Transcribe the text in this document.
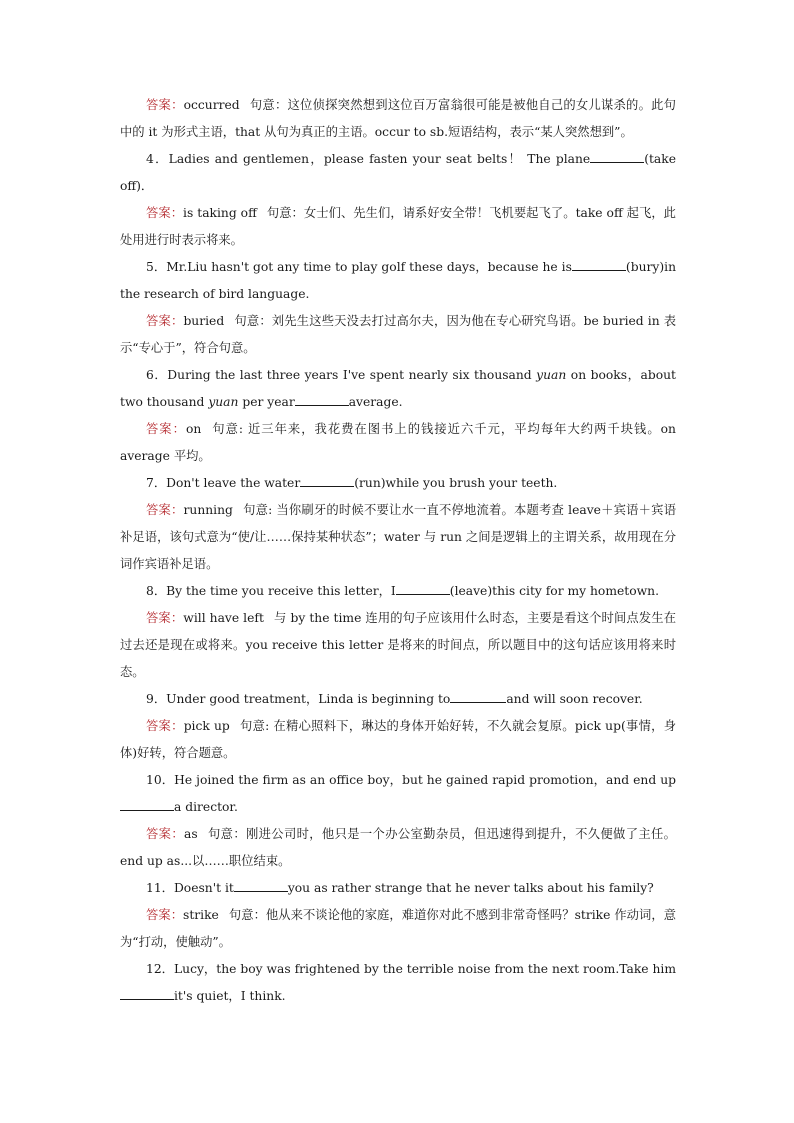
答案：occurred 句意：这位侦探突然想到这位百万富翁很可能是被他自己的女儿谋杀的。此句中的 it 为形式主语，that 从句为真正的主语。occur to sb.短语结构，表示“某人突然想到”。

4．Ladies and gentlemen，please fasten your seat belts！ The plane	(take off)．

答案：is taking off 句意：女士们、先生们，请系好安全带！飞机要起飞了。take off 起飞，此处用进行时表示将来。

5．Mr.Liu hasn't got any time to play golf these days，because he is	(bury)in the research of bird language.

答案：buried 句意：刘先生这些天没去打过高尔夫，因为他在专心研究鸟语。be buried in 表示“专心于”，符合句意。

6．During the last three years I've spent nearly six thousand yuan on books，about two thousand yuan per year	average.

答案：on 句意: 近三年来，我花费在图书上的钱接近六千元，平均每年大约两千块钱。on average 平均。

7．Don't leave the water	(run)while you brush your teeth.

答案：running 句意: 当你刷牙的时候不要让水一直不停地流着。本题考查 leave＋宾语＋宾语补足语，该句式意为“使/让……保持某种状态”；water 与 run 之间是逻辑上的主谓关系，故用现在分词作宾语补足语。

8．By the time you receive this letter，I	(leave)this city for my hometown.

答案：will have left 与 by the time 连用的句子应该用什么时态，主要是看这个时间点发生在过去还是现在或将来。you receive this letter 是将来的时间点，所以题目中的这句话应该用将来时态。

9．Under good treatment，Linda is beginning to	and will soon recover.

答案：pick up 句意: 在精心照料下，琳达的身体开始好转，不久就会复原。pick up(事情，身体)好转，符合题意。

10．He joined the firm as an office boy，but he gained rapid promotion，and end upa director.

答案：as 句意：刚进公司时，他只是一个办公室勤杂员，但迅速得到提升，不久便做了主任。end up as...以……职位结束。

11．Doesn't it	you as rather strange that he never talks about his family?

答案：strike 句意：他从来不谈论他的家庭，难道你对此不感到非常奇怪吗？strike 作动词，意为“打动，使触动”。

12．Lucy，the boy was frightened by the terrible noise from the next room.Take himit's quiet，I think.
